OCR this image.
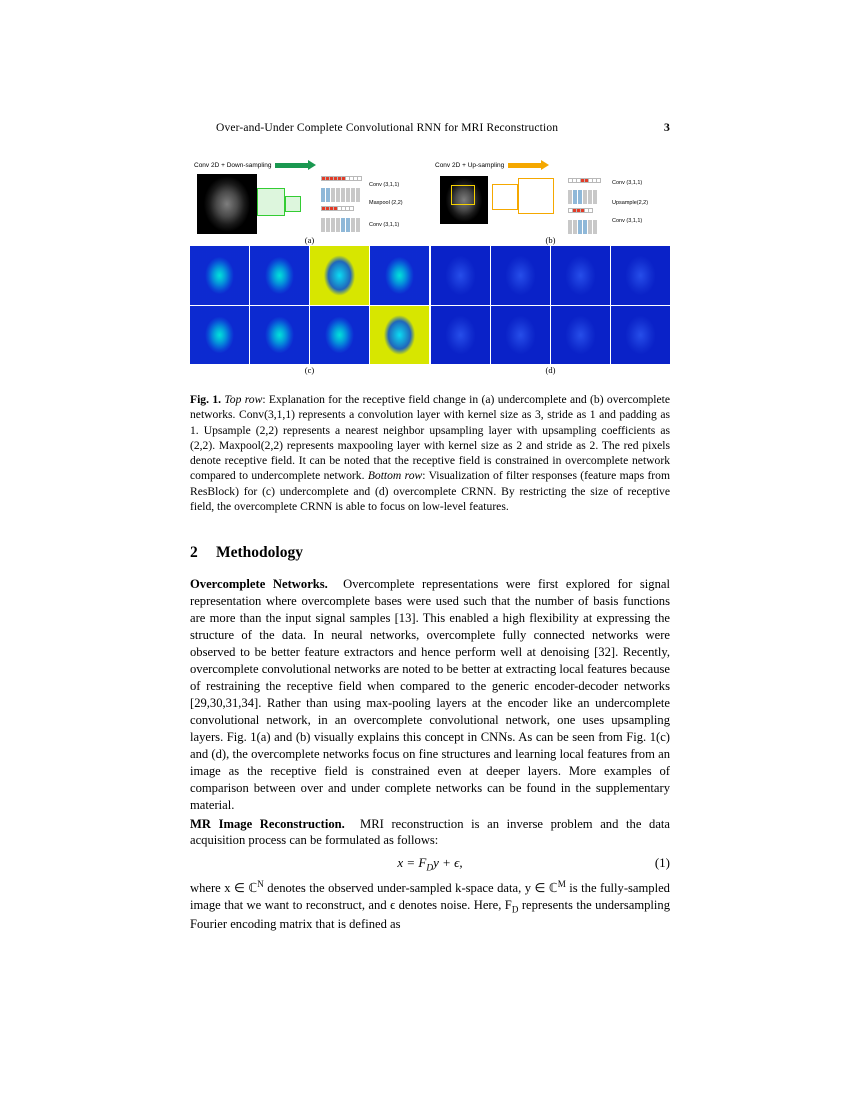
Over-and-Under Complete Convolutional RNN for MRI Reconstruction	3
Conv 2D + Down-sampling
Conv (3,1,1)
Maxpool (2,2)
Conv (3,1,1)
(a)
Conv 2D + Up-sampling
Conv (3,1,1)
Upsample(2,2)
Conv (3,1,1)
(b)
(c)	(d)
Fig. 1. Top row: Explanation for the receptive field change in (a) undercomplete and (b) overcomplete networks. Conv(3,1,1) represents a convolution layer with kernel size as 3, stride as 1 and padding as 1. Upsample (2,2) represents a nearest neighbor upsampling layer with upsampling coefficients as (2,2). Maxpool(2,2) represents maxpooling layer with kernel size as 2 and stride as 2. The red pixels denote receptive field. It can be noted that the receptive field is constrained in overcomplete network compared to undercomplete network. Bottom row: Visualization of filter responses (feature maps from ResBlock) for (c) undercomplete and (d) overcomplete CRNN. By restricting the size of receptive field, the overcomplete CRNN is able to focus on low-level features.
2 Methodology

Overcomplete Networks. Overcomplete representations were first explored for signal representation where overcomplete bases were used such that the number of basis functions are more than the input signal samples [13]. This enabled a high flexibility at expressing the structure of the data. In neural networks, overcomplete fully connected networks were observed to be better feature extractors and hence perform well at denoising [32]. Recently, overcomplete convolutional networks are noted to be better at extracting local features because of restraining the receptive field when compared to the generic encoder-decoder networks [29,30,31,34]. Rather than using max-pooling layers at the encoder like an undercomplete convolutional network, in an overcomplete convolutional network, one uses upsampling layers. Fig. 1(a) and (b) visually explains this concept in CNNs. As can be seen from Fig. 1(c) and (d), the overcomplete networks focus on fine structures and learning local features from an image as the receptive field is constrained even at deeper layers. More examples of comparison between over and under complete networks can be found in the supplementary material.

MR Image Reconstruction. MRI reconstruction is an inverse problem and the data acquisition process can be formulated as follows:

$x = F_Dy + \epsilon$,	(1)

where x ∈ ℂ$^N$ denotes the observed under-sampled k-space data, y ∈ ℂ$^M$ is the fully-sampled image that we want to reconstruct, and ϵ denotes noise. Here, $F_D$ represents the undersampling Fourier encoding matrix that is defined as
